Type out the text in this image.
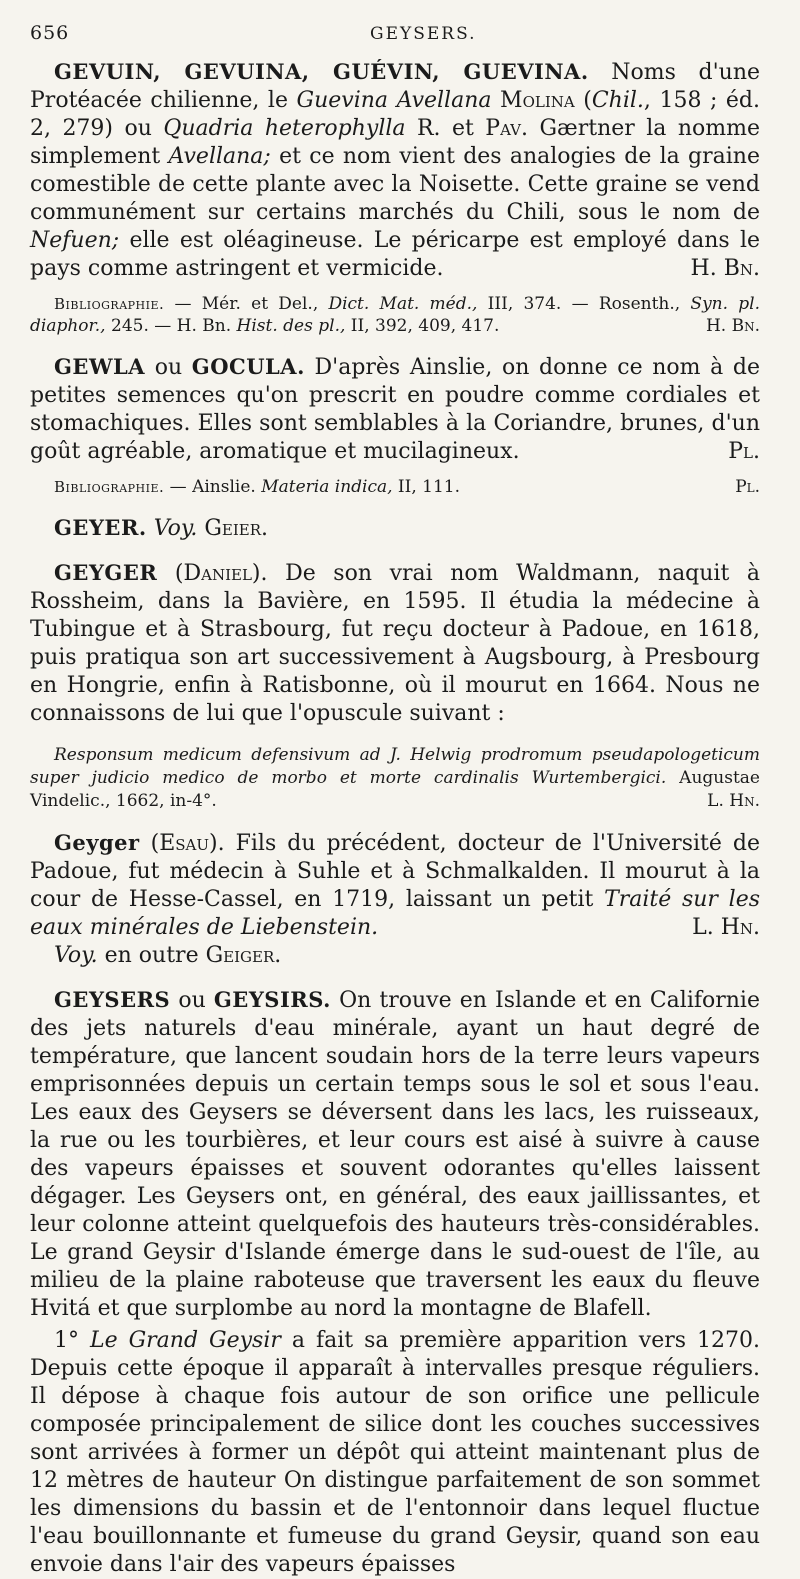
656	GEYSERS.

GEVUIN, GEVUINA, GUÉVIN, GUEVINA. Noms d'une Protéacée chilienne, le Guevina Avellana Molina (Chil., 158 ; éd. 2, 279) ou Quadria heterophylla R. et Pav. Gærtner la nomme simplement Avellana; et ce nom vient des analogies de la graine comestible de cette plante avec la Noisette. Cette graine se vend communément sur certains marchés du Chili, sous le nom de Nefuen; elle est oléagineuse. Le péricarpe est employé dans le pays comme astringent et vermicide.	H. Bn.

Bibliographie. — Mér. et Del., Dict. Mat. méd., III, 374. — Rosenth., Syn. pl. diaphor., 245. — H. Bn. Hist. des pl., II, 392, 409, 417.	H. Bn.

GEWLA ou GOCULA. D'après Ainslie, on donne ce nom à de petites semences qu'on prescrit en poudre comme cordiales et stomachiques. Elles sont semblables à la Coriandre, brunes, d'un goût agréable, aromatique et mucilagineux.	Pl.

Bibliographie. — Ainslie. Materia indica, II, 111.	Pl.

GEYER. Voy. Geier.

GEYGER (Daniel). De son vrai nom Waldmann, naquit à Rossheim, dans la Bavière, en 1595. Il étudia la médecine à Tubingue et à Strasbourg, fut reçu docteur à Padoue, en 1618, puis pratiqua son art successivement à Augsbourg, à Presbourg en Hongrie, enfin à Ratisbonne, où il mourut en 1664. Nous ne connaissons de lui que l'opuscule suivant :

Responsum medicum defensivum ad J. Helwig prodromum pseudapologeticum super judicio medico de morbo et morte cardinalis Wurtembergici. Augustae Vindelic., 1662, in-4°.	L. Hn.

Geyger (Esau). Fils du précédent, docteur de l'Université de Padoue, fut médecin à Suhle et à Schmalkalden. Il mourut à la cour de Hesse-Cassel, en 1719, laissant un petit Traité sur les eaux minérales de Liebenstein.	L. Hn.

Voy. en outre Geiger.

GEYSERS ou GEYSIRS. On trouve en Islande et en Californie des jets naturels d'eau minérale, ayant un haut degré de température, que lancent soudain hors de la terre leurs vapeurs emprisonnées depuis un certain temps sous le sol et sous l'eau. Les eaux des Geysers se déversent dans les lacs, les ruisseaux, la rue ou les tourbières, et leur cours est aisé à suivre à cause des vapeurs épaisses et souvent odorantes qu'elles laissent dégager. Les Geysers ont, en général, des eaux jaillissantes, et leur colonne atteint quelquefois des hauteurs très-considérables. Le grand Geysir d'Islande émerge dans le sud-ouest de l'île, au milieu de la plaine raboteuse que traversent les eaux du fleuve Hvitá et que surplombe au nord la montagne de Blafell.

1° Le Grand Geysir a fait sa première apparition vers 1270. Depuis cette époque il apparaît à intervalles presque réguliers. Il dépose à chaque fois autour de son orifice une pellicule composée principalement de silice dont les couches successives sont arrivées à former un dépôt qui atteint maintenant plus de 12 mètres de hauteur On distingue parfaitement de son sommet les dimensions du bassin et de l'entonnoir dans lequel fluctue l'eau bouillonnante et fumeuse du grand Geysir, quand son eau envoie dans l'air des vapeurs épaisses
